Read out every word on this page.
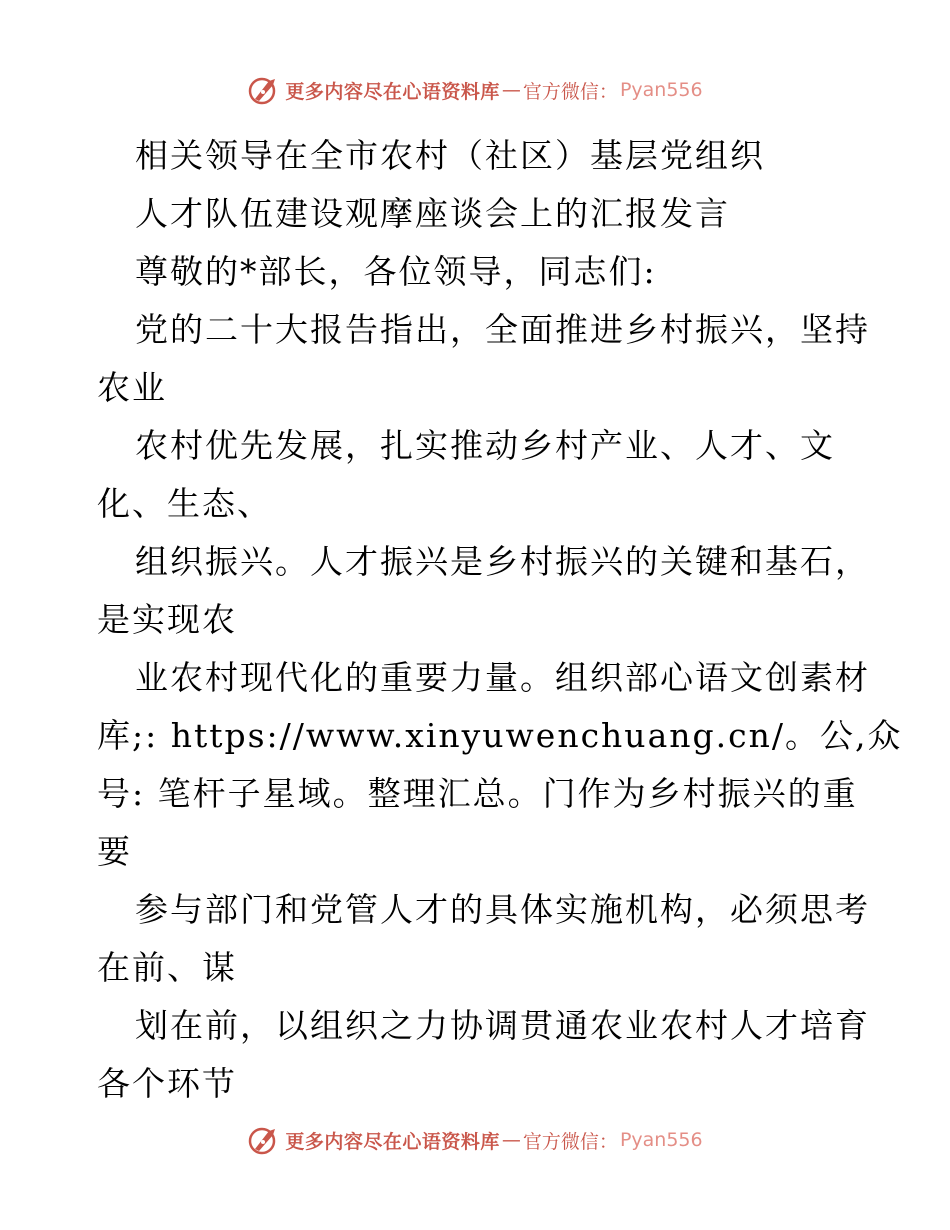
更多内容尽在心语资料库 — 官方微信： Pyan556
相关领导在全市农村（社区）基层党组织
人才队伍建设观摩座谈会上的汇报发言
尊敬的*部长，各位领导，同志们:
党的二十大报告指出，全面推进乡村振兴，坚持
农业
农村优先发展，扎实推动乡村产业、人才、文
化、生态、
组织振兴。人才振兴是乡村振兴的关键和基石，
是实现农
业农村现代化的重要力量。组织部心语文创素材
库;: https://www.xinyuwenchuang.cn/。公,众
号: 笔杆子星域。整理汇总。门作为乡村振兴的重
要
参与部门和党管人才的具体实施机构，必须思考
在前、谋
划在前，以组织之力协调贯通农业农村人才培育
各个环节
更多内容尽在心语资料库 — 官方微信： Pyan556
